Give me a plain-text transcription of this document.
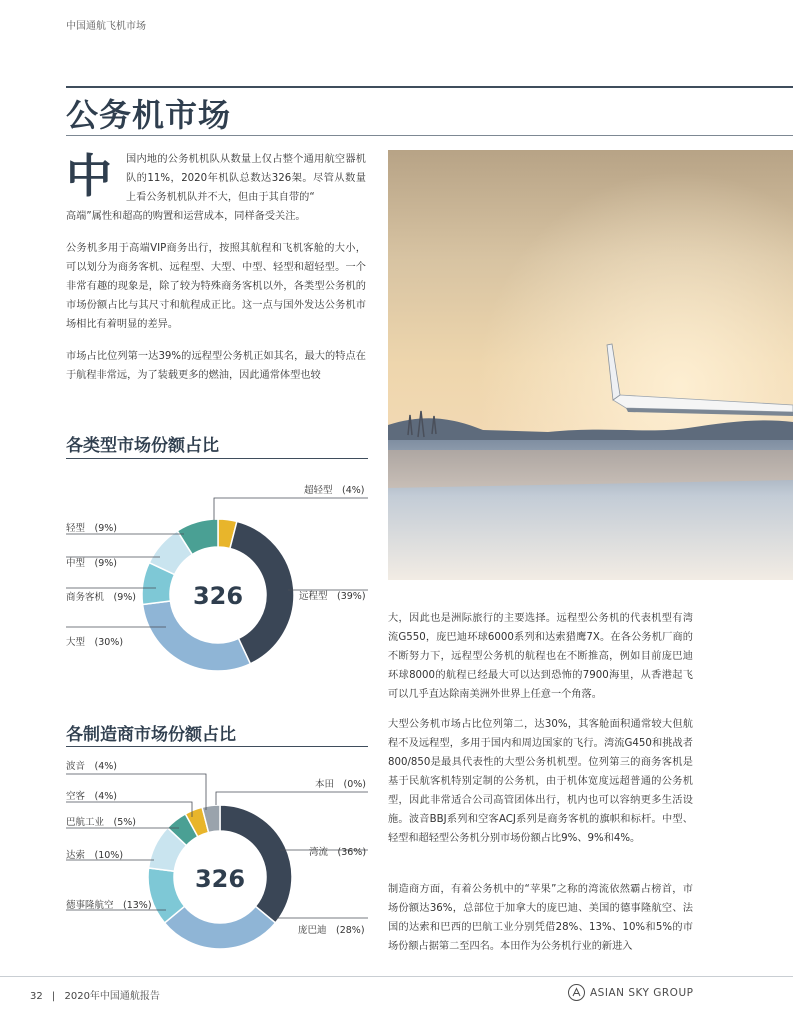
中国通航飞机市场
公务机市场
中 国内地的公务机机队从数量上仅占整个通用航空器机队的11%，2020年机队总数达326架。尽管从数量上看公务机机队并不大，但由于其自带的“

高端”属性和超高的购置和运营成本，同样备受关注。

公务机多用于高端VIP商务出行，按照其航程和飞机客舱的大小，可以划分为商务客机、远程型、大型、中型、轻型和超轻型。一个非常有趣的现象是，除了较为特殊商务客机以外，各类型公务机的市场份额占比与其尺寸和航程成正比。这一点与国外发达公务机市场相比有着明显的差异。

市场占比位列第一达39%的远程型公务机正如其名，最大的特点在于航程非常远，为了装载更多的燃油，因此通常体型也较

大，因此也是洲际旅行的主要选择。远程型公务机的代表机型有湾流G550，庞巴迪环球6000系列和达索猎鹰7X。在各公务机厂商的不断努力下，远程型公务机的航程也在不断推高，例如目前庞巴迪环球8000的航程已经最大可以达到恐怖的7900海里，从香港起飞可以几乎直达除南美洲外世界上任意一个角落。

大型公务机市场占比位列第二，达30%，其客舱面积通常较大但航程不及远程型，多用于国内和周边国家的飞行。湾流G450和挑战者800/850是最具代表性的大型公务机机型。位列第三的商务客机是基于民航客机特别定制的公务机，由于机体宽度远超普通的公务机型，因此非常适合公司高管团体出行，机内也可以容纳更多生活设施。波音BBJ系列和空客ACJ系列是商务客机的旗帜和标杆。中型、轻型和超轻型公务机分别市场份额占比9%、9%和4%。

制造商方面，有着公务机中的“苹果”之称的湾流依然霸占榜首，市场份额达36%，总部位于加拿大的庞巴迪、美国的德事隆航空、法国的达索和巴西的巴航工业分别凭借28%、13%、10%和5%的市场份额占据第二至四名。本田作为公务机行业的新进入

各类型市场份额占比
超轻型　(4%)
远程型　(39%)
大型　(30%)
商务客机　(9%)
中型　(9%)
轻型　(9%)
326
各制造商市场份额占比
本田　(0%)
湾流　(36%)
庞巴迪　(28%)
德事隆航空　(13%)
达索　(10%)
巴航工业　(5%)
空客　(4%)
波音　(4%)
326
32 | 2020年中国通航报告	ASIAN SKY GROUP
